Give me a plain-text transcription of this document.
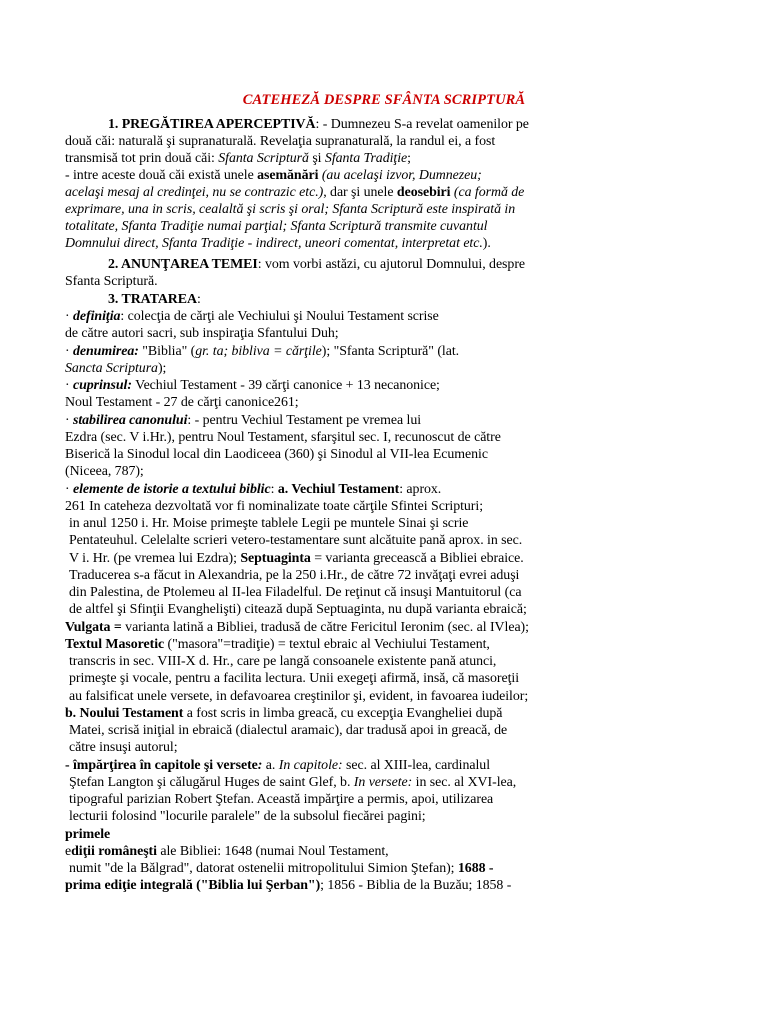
CATEHEZĂ DESPRE SFÂNTA SCRIPTURĂ
1. PREGĂTIREA APERCEPTIVĂ: - Dumnezeu S-a revelat oamenilor pe
două căi: naturală şi supranaturală. Revelaţia supranaturală, la randul ei, a fost
transmisă tot prin două căi: Sfanta Scriptură şi Sfanta Tradiţie;
- intre aceste două căi există unele asemănări (au acelaşi izvor, Dumnezeu;
acelaşi mesaj al credinţei, nu se contrazic etc.), dar şi unele deosebiri (ca formă de
exprimare, una in scris, cealaltă şi scris şi oral; Sfanta Scriptură este inspirată in
totalitate, Sfanta Tradiţie numai parţial; Sfanta Scriptură transmite cuvantul
Domnului direct, Sfanta Tradiţie - indirect, uneori comentat, interpretat etc.).
2. ANUNŢAREA TEMEI: vom vorbi astăzi, cu ajutorul Domnului, despre
Sfanta Scriptură.
3. TRATAREA:
· definiţia: colecţia de cărţi ale Vechiului şi Noului Testament scrise
de către autori sacri, sub inspiraţia Sfantului Duh;
· denumirea: "Biblia" (gr. ta; bibliva = cărţile); "Sfanta Scriptură" (lat.
Sancta Scriptura);
· cuprinsul: Vechiul Testament - 39 cărţi canonice + 13 necanonice;
Noul Testament - 27 de cărţi canonice261;
· stabilirea canonului: - pentru Vechiul Testament pe vremea lui
Ezdra (sec. V i.Hr.), pentru Noul Testament, sfarşitul sec. I, recunoscut de către
Biserică la Sinodul local din Laodiceea (360) şi Sinodul al VII-lea Ecumenic
(Niceea, 787);
· elemente de istorie a textului biblic: a. Vechiul Testament: aprox.
261 In cateheza dezvoltată vor fi nominalizate toate cărţile Sfintei Scripturi;
in anul 1250 i. Hr. Moise primeşte tablele Legii pe muntele Sinai şi scrie
Pentateuhul. Celelalte scrieri vetero-testamentare sunt alcătuite pană aprox. in sec.
V i. Hr. (pe vremea lui Ezdra); Septuaginta = varianta grecească a Bibliei ebraice.
Traducerea s-a făcut in Alexandria, pe la 250 i.Hr., de către 72 invăţaţi evrei aduşi
din Palestina, de Ptolemeu al II-lea Filadelful. De reţinut că insuşi Mantuitorul (ca
de altfel şi Sfinţii Evanghelişti) citează după Septuaginta, nu după varianta ebraică;
Vulgata = varianta latină a Bibliei, tradusă de către Fericitul Ieronim (sec. al IVlea);
Textul Masoretic ("masora"=tradiţie) = textul ebraic al Vechiului Testament,
transcris in sec. VIII-X d. Hr., care pe langă consoanele existente pană atunci,
primeşte şi vocale, pentru a facilita lectura. Unii exegeţi afirmă, insă, că masoreţii
au falsificat unele versete, in defavoarea creştinilor şi, evident, in favoarea iudeilor;
b. Noului Testament a fost scris in limba greacă, cu excepţia Evangheliei după
Matei, scrisă iniţial in ebraică (dialectul aramaic), dar tradusă apoi in greacă, de
către insuşi autorul;
- împărţirea în capitole şi versete: a. In capitole: sec. al XIII-lea, cardinalul
Ştefan Langton şi călugărul Huges de saint Glef, b. In versete: in sec. al XVI-lea,
tipograful parizian Robert Ştefan. Această impărţire a permis, apoi, utilizarea
lecturii folosind "locurile paralele" de la subsolul fiecărei pagini;
primele
ediţii româneşti ale Bibliei: 1648 (numai Noul Testament,
numit "de la Bălgrad", datorat ostenelii mitropolitului Simion Ştefan); 1688 -
prima ediţie integrală ("Biblia lui Şerban"); 1856 - Biblia de la Buzău; 1858 -
